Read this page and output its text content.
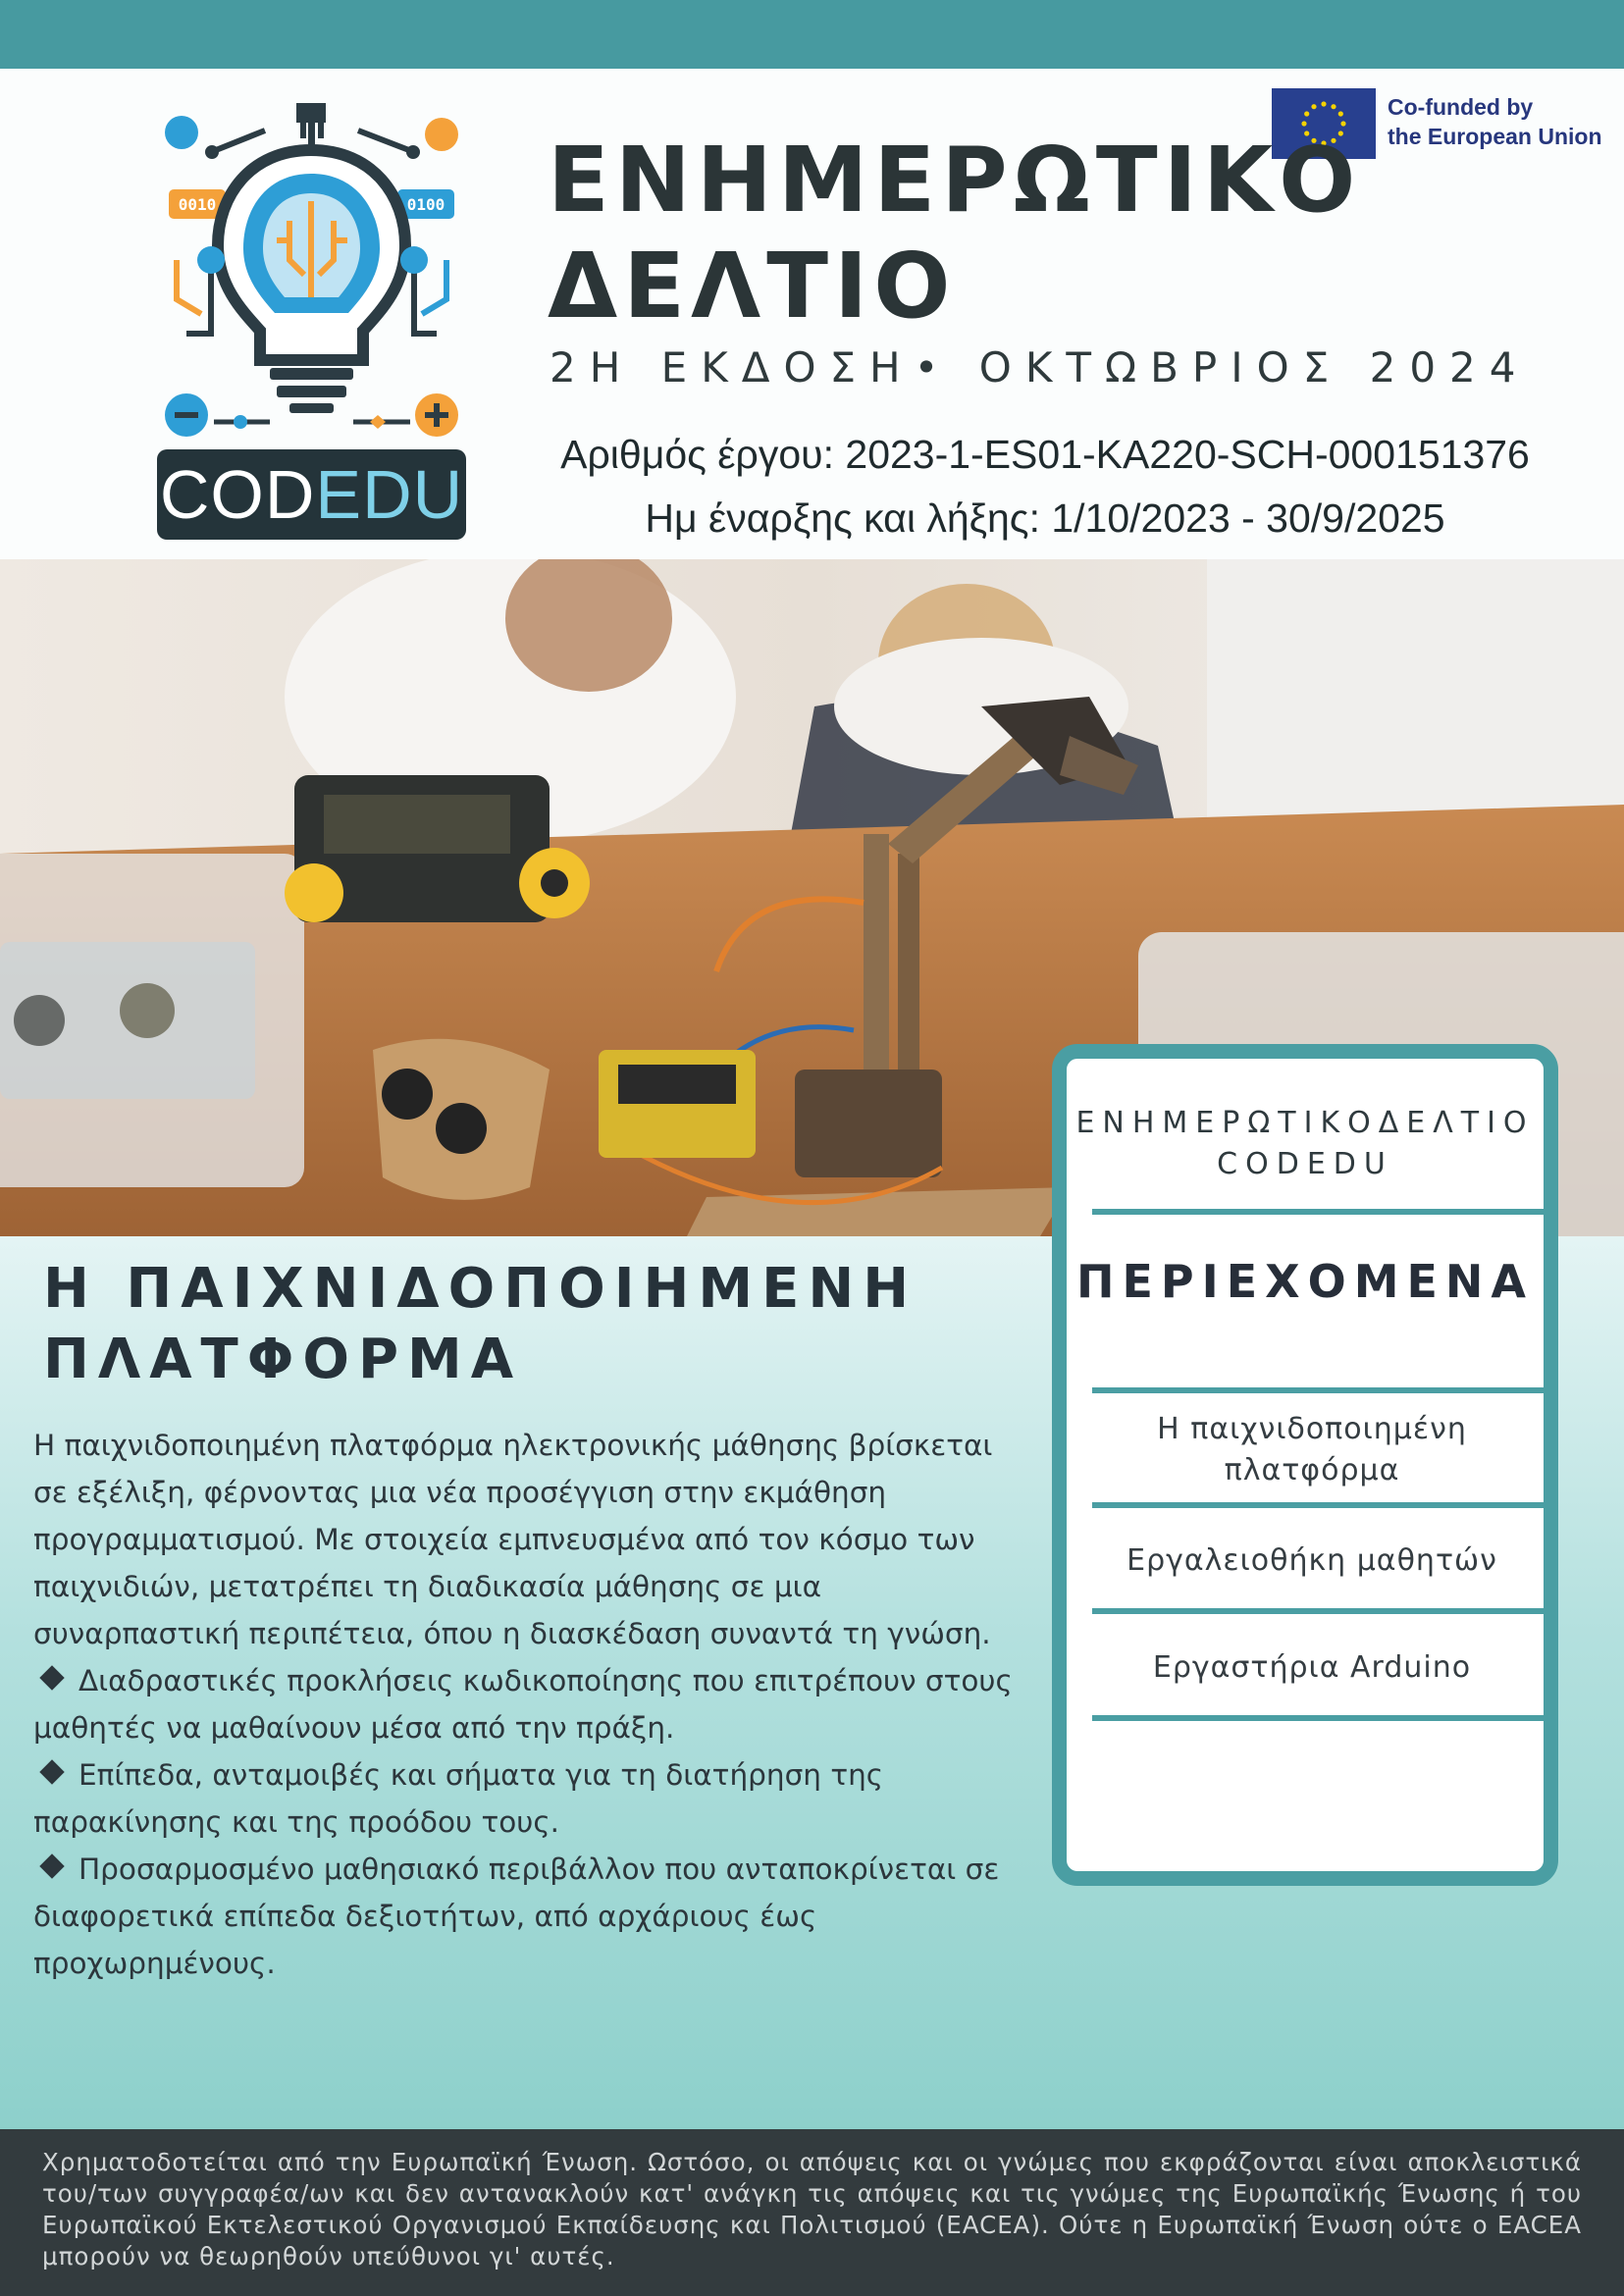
0010	0100
CODEDU
Co-funded by
the European Union
ΕΝΗΜΕΡΩΤΙΚΟ
ΔΕΛΤΙΟ
2Η ΕΚΔΟΣΗ• ΟΚΤΩΒΡΙΟΣ 2024
Αριθμός έργου: 2023-1-ES01-KA220-SCH-000151376
Ημ έναρξης και λήξης: 1/10/2023 - 30/9/2025
Η ΠΑΙΧΝΙΔΟΠΟΙΗΜΕΝΗ
ΠΛΑΤΦΟΡΜΑ

Η παιχνιδοποιημένη πλατφόρμα ηλεκτρονικής μάθησης βρίσκεται σε εξέλιξη, φέρνοντας μια νέα προσέγγιση στην εκμάθηση προγραμματισμού. Με στοιχεία εμπνευσμένα από τον κόσμο των παιχνιδιών, μετατρέπει τη διαδικασία μάθησης σε μια συναρπαστική περιπέτεια, όπου η διασκέδαση συναντά τη γνώση.

Διαδραστικές προκλήσεις κωδικοποίησης που επιτρέπουν στους μαθητές να μαθαίνουν μέσα από την πράξη.

Επίπεδα, ανταμοιβές και σήματα για τη διατήρηση της παρακίνησης και της προόδου τους.

Προσαρμοσμένο μαθησιακό περιβάλλον που ανταποκρίνεται σε διαφορετικά επίπεδα δεξιοτήτων, από αρχάριους έως προχωρημένους.

ΕΝΗΜΕΡΩΤΙΚΟΔΕΛΤΙΟ
CODEDU
ΠΕΡΙΕΧΟΜΕΝΑ
Η παιχνιδοποιημένη
πλατφόρμα
Εργαλειοθήκη μαθητών
Εργαστήρια Arduino
Χρηματοδοτείται από την Ευρωπαϊκή Ένωση. Ωστόσο, οι απόψεις και οι γνώμες που εκφράζονται είναι αποκλειστικά του/των συγγραφέα/ων και δεν αντανακλούν κατ' ανάγκη τις απόψεις και τις γνώμες της Ευρωπαϊκής Ένωσης ή του Ευρωπαϊκού Εκτελεστικού Οργανισμού Εκπαίδευσης και Πολιτισμού (EACEA). Ούτε η Ευρωπαϊκή Ένωση ούτε ο EACEA μπορούν να θεωρηθούν υπεύθυνοι γι' αυτές.
